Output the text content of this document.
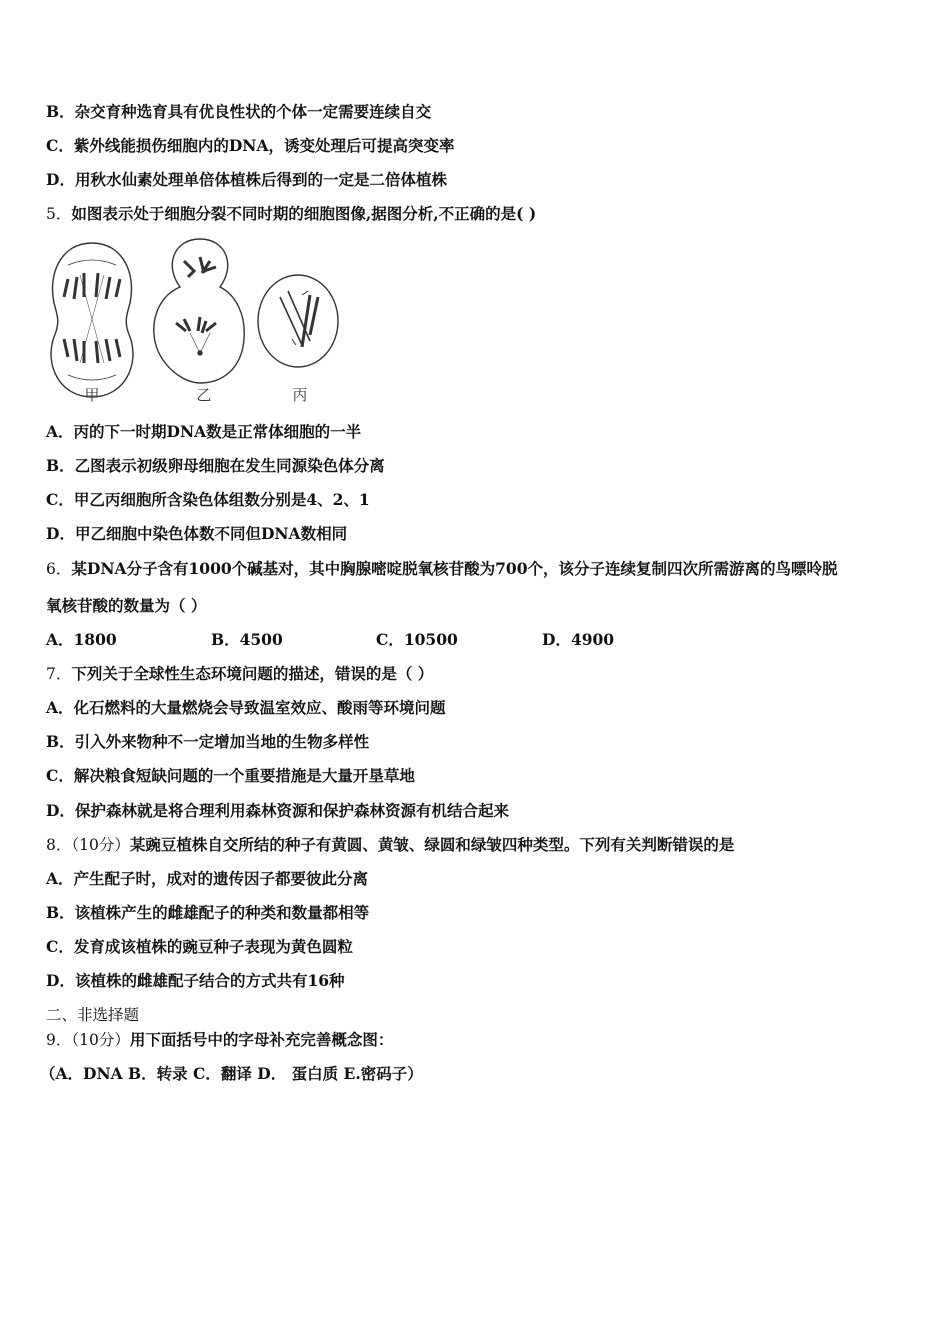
B．杂交育种选育具有优良性状的个体一定需要连续自交
C．紫外线能损伤细胞内的DNA，诱变处理后可提高突变率
D．用秋水仙素处理单倍体植株后得到的一定是二倍体植株
5．如图表示处于细胞分裂不同时期的细胞图像,据图分析,不正确的是( )
甲	乙	丙
A．丙的下一时期DNA数是正常体细胞的一半
B．乙图表示初级卵母细胞在发生同源染色体分离
C．甲乙丙细胞所含染色体组数分别是4、2、1
D．甲乙细胞中染色体数不同但DNA数相同
6．某DNA分子含有1000个碱基对，其中胸腺嘧啶脱氧核苷酸为700个，该分子连续复制四次所需游离的鸟嘌呤脱
氧核苷酸的数量为（ ）
A．1800	B．4500	C．10500	D．4900
7．下列关于全球性生态环境问题的描述，错误的是（ ）
A．化石燃料的大量燃烧会导致温室效应、酸雨等环境问题
B．引入外来物种不一定增加当地的生物多样性
C．解决粮食短缺问题的一个重要措施是大量开垦草地
D．保护森林就是将合理利用森林资源和保护森林资源有机结合起来
8．（10分）某豌豆植株自交所结的种子有黄圆、黄皱、绿圆和绿皱四种类型。下列有关判断错误的是
A．产生配子时，成对的遗传因子都要彼此分离
B．该植株产生的雌雄配子的种类和数量都相等
C．发育成该植株的豌豆种子表现为黄色圆粒
D．该植株的雌雄配子结合的方式共有16种
二、非选择题
9．（10分）用下面括号中的字母补充完善概念图：
（A．DNA B．转录 C．翻译 D． 蛋白质 E.密码子）
